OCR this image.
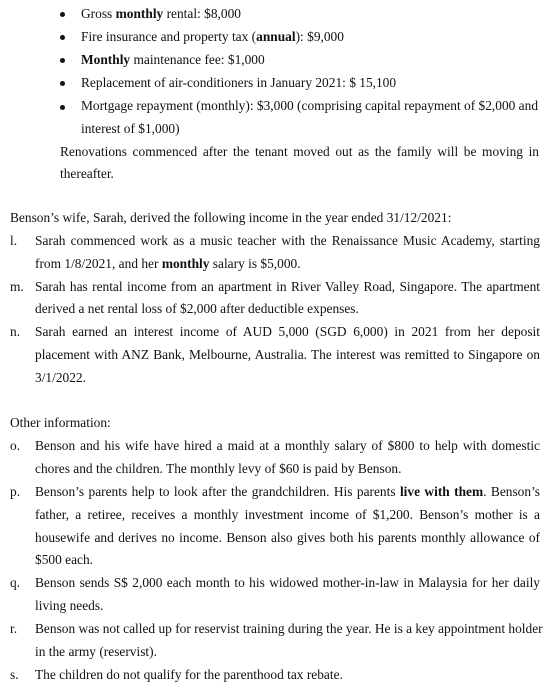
Gross monthly rental: $8,000
Fire insurance and property tax (annual): $9,000
Monthly maintenance fee: $1,000
Replacement of air-conditioners in January 2021: $ 15,100
Mortgage repayment (monthly): $3,000 (comprising capital repayment of $2,000 and
interest of $1,000)
Renovations commenced after the tenant moved out as the family will be moving in
thereafter.
Benson’s wife, Sarah, derived the following income in the year ended 31/12/2021:
l.	Sarah commenced work as a music teacher with the Renaissance Music Academy, starting
from 1/8/2021, and her monthly salary is $5,000.
m. Sarah has rental income from an apartment in River Valley Road, Singapore. The apartment
derived a net rental loss of $2,000 after deductible expenses.
n.	Sarah earned an interest income of AUD 5,000 (SGD 6,000) in 2021 from her deposit
placement with ANZ Bank, Melbourne, Australia. The interest was remitted to Singapore on
3/1/2022.
Other information:
o.	Benson and his wife have hired a maid at a monthly salary of $800 to help with domestic
chores and the children. The monthly levy of $60 is paid by Benson.
p.	Benson’s parents help to look after the grandchildren. His parents live with them. Benson’s
father, a retiree, receives a monthly investment income of $1,200. Benson’s mother is a
housewife and derives no income. Benson also gives both his parents monthly allowance of
$500 each.
q.	Benson sends S$ 2,000 each month to his widowed mother-in-law in Malaysia for her daily
living needs.
r.	Benson was not called up for reservist training during the year. He is a key appointment holder
in the army (reservist).
s.	The children do not qualify for the parenthood tax rebate.
